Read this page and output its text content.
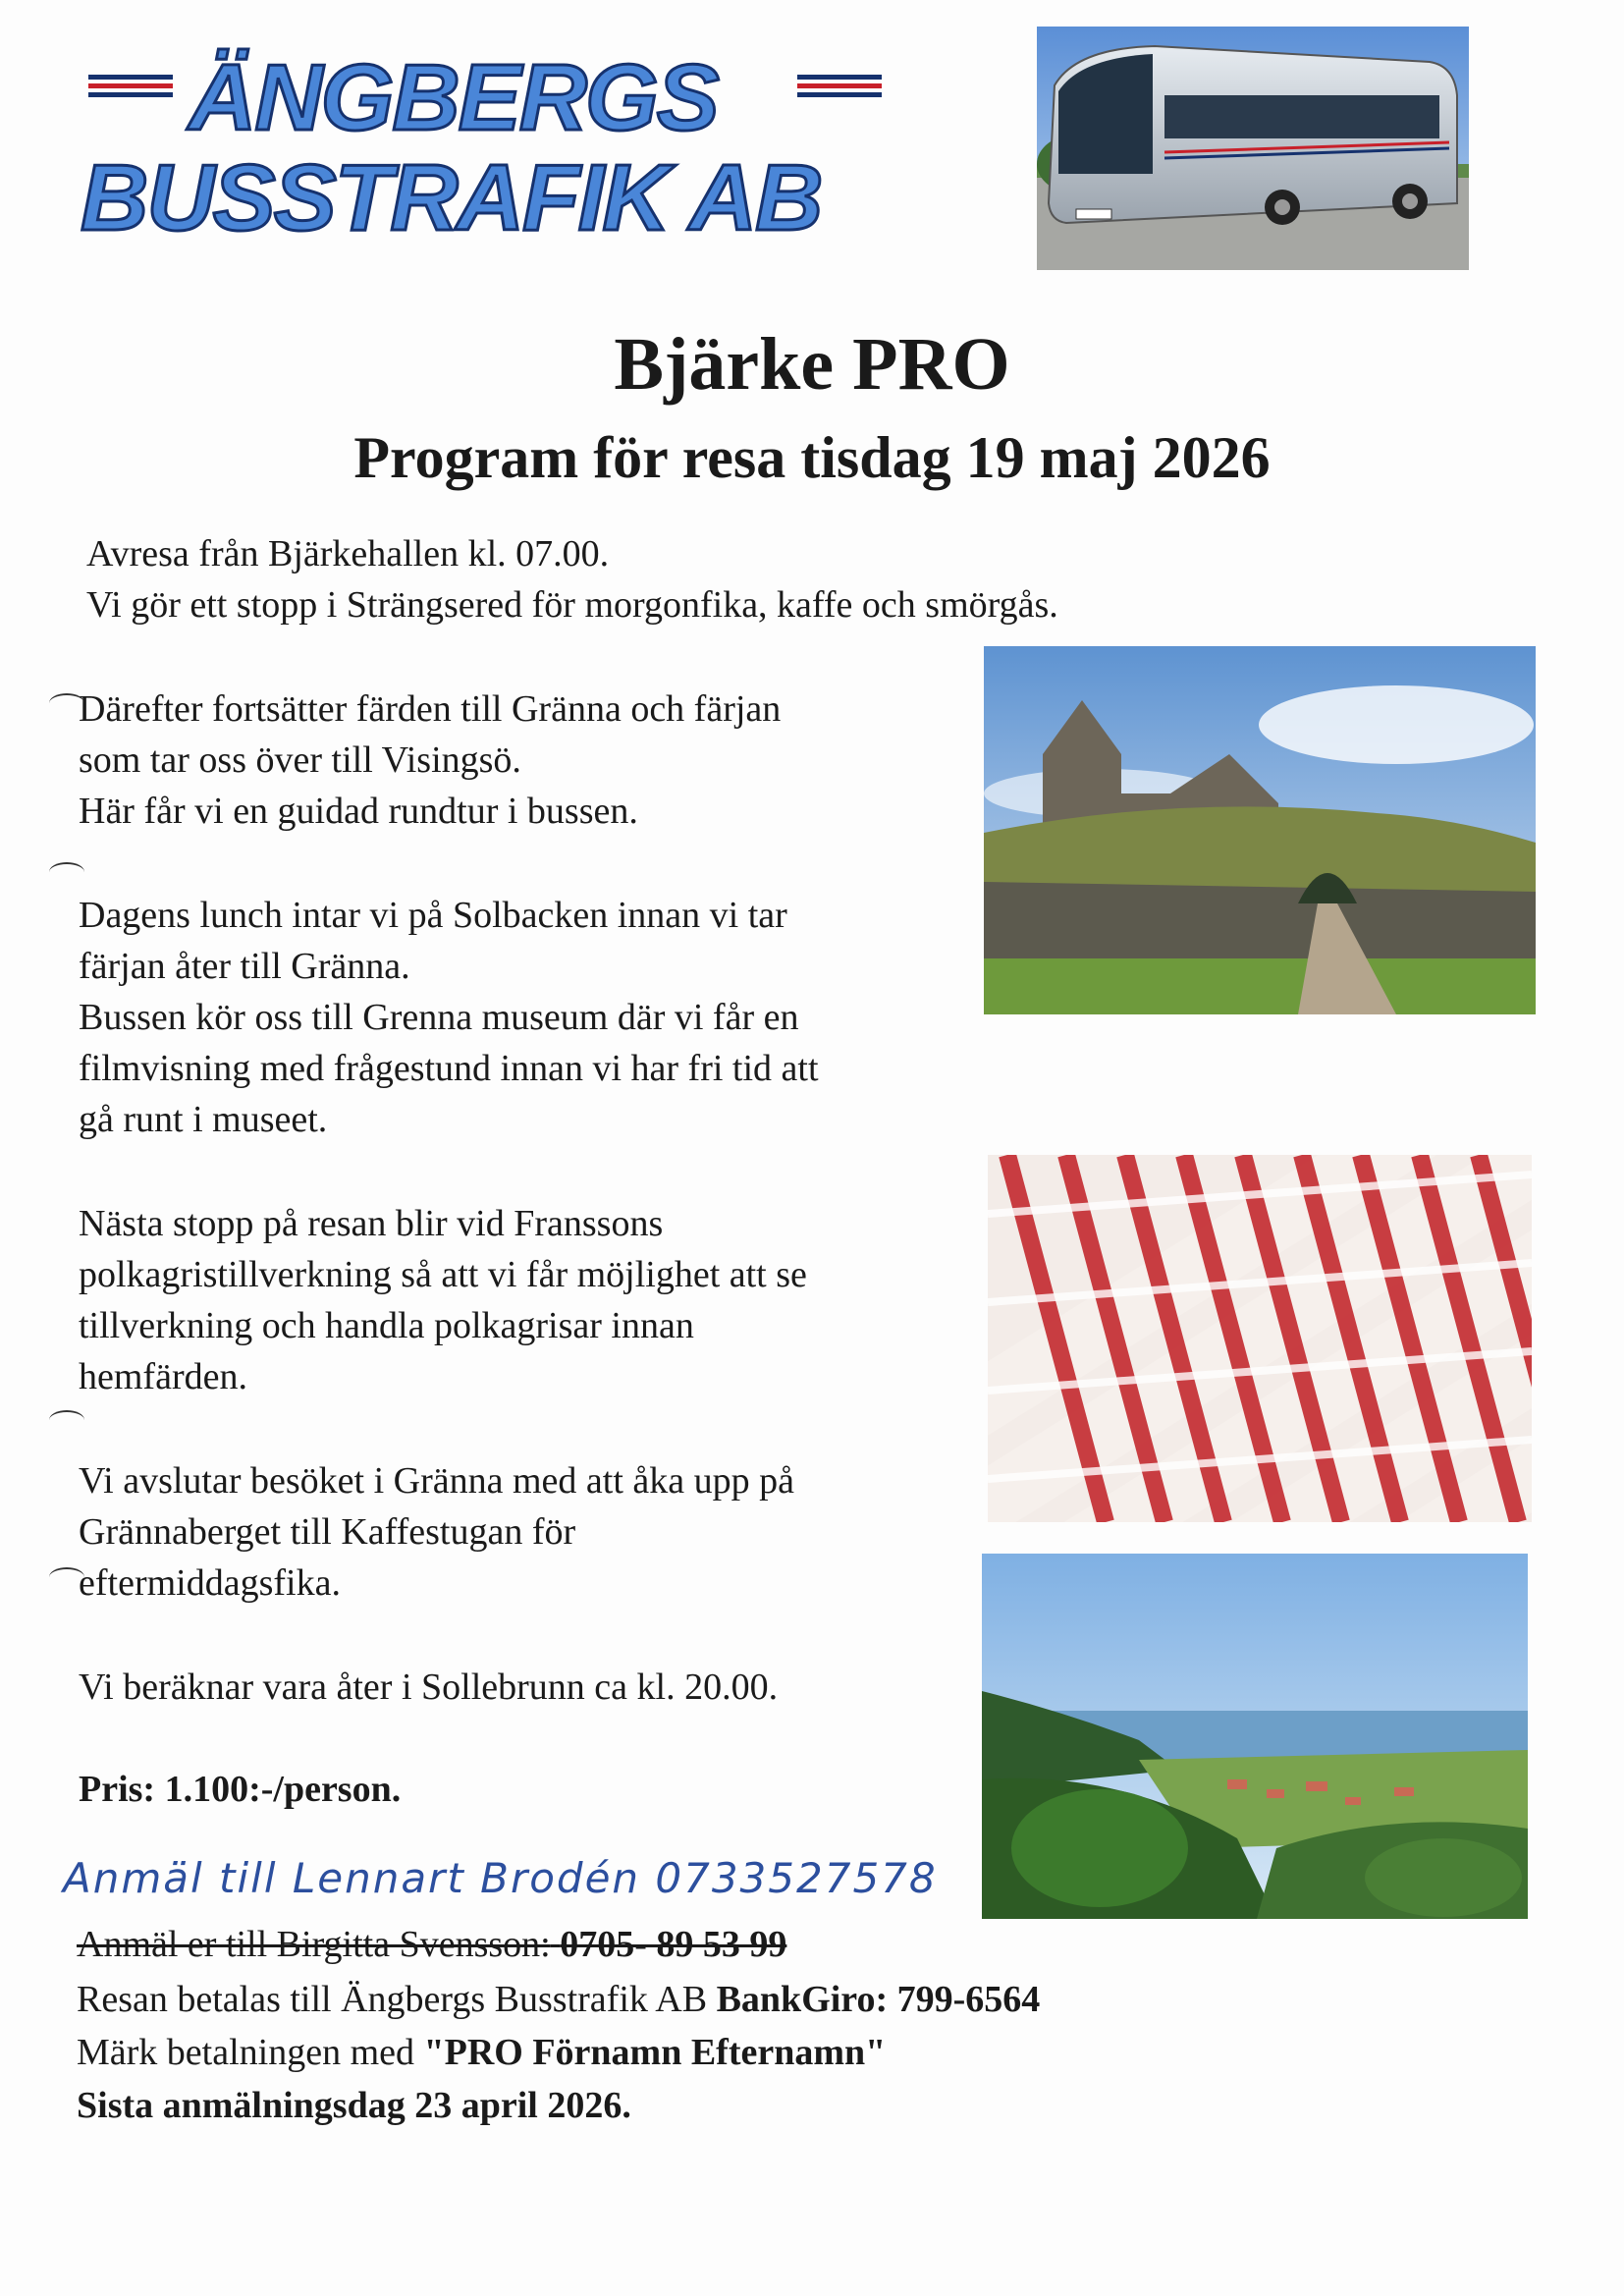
ÄNGBERGS
BUSSTRAFIK AB
Bjärke PRO
Program för resa tisdag 19 maj 2026
Avresa från Bjärkehallen kl. 07.00.
Vi gör ett stopp i Strängsered för morgonfika, kaffe och smörgås.
Därefter fortsätter färden till Gränna och färjan
som tar oss över till Visingsö.
Här får vi en guidad rundtur i bussen.
Dagens lunch intar vi på Solbacken innan vi tar
färjan åter till Gränna.
Bussen kör oss till Grenna museum där vi får en
filmvisning med frågestund innan vi har fri tid att
gå runt i museet.
Nästa stopp på resan blir vid Franssons
polkagristillverkning så att vi får möjlighet att se
tillverkning och handla polkagrisar innan
hemfärden.
Vi avslutar besöket i Gränna med att åka upp på
Grännaberget till Kaffestugan för
eftermiddagsfika.
Vi beräknar vara åter i Sollebrunn ca kl. 20.00.
Pris: 1.100:-/person.
Anmäl till Lennart Brodén 0733527578
Anmäl er till Birgitta Svensson: 0705- 89 53 99
Resan betalas till Ängbergs Busstrafik AB BankGiro: 799-6564
Märk betalningen med "PRO Förnamn Efternamn"
Sista anmälningsdag 23 april 2026.
